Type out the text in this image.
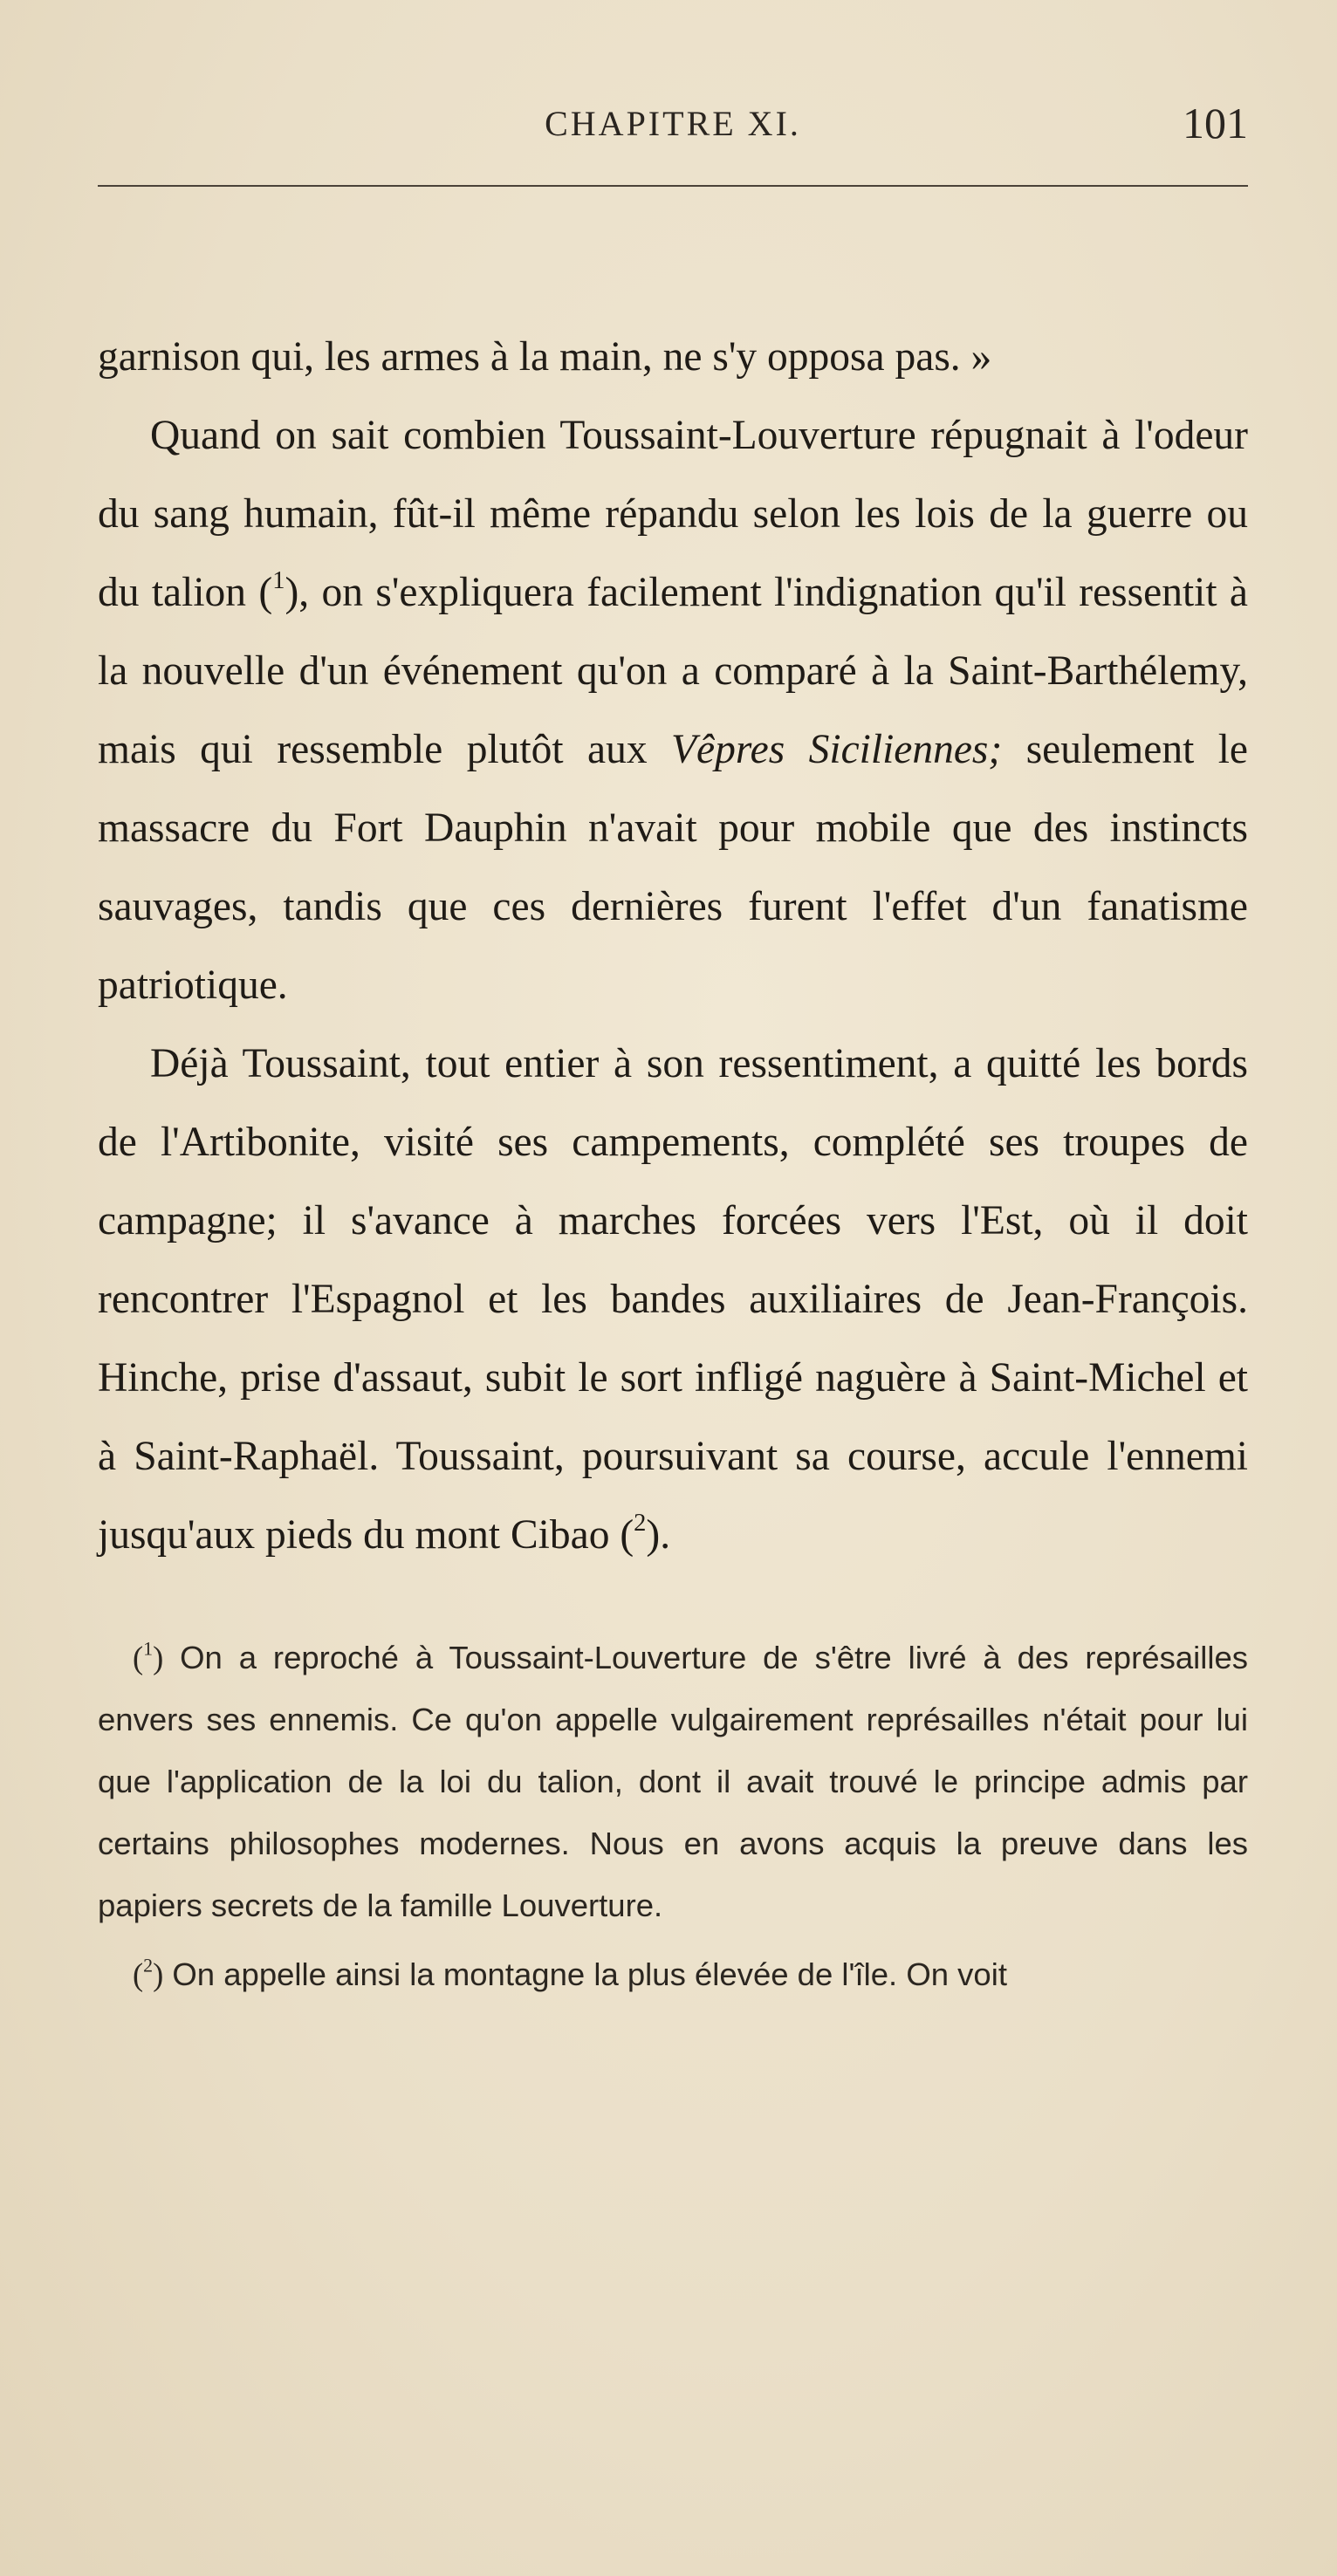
CHAPITRE XI.	101

garnison qui, les armes à la main, ne s'y opposa pas. »

Quand on sait combien Toussaint-Louverture répugnait à l'odeur du sang humain, fût-il même répandu selon les lois de la guerre ou du talion ($^1$), on s'expliquera facilement l'indignation qu'il ressentit à la nouvelle d'un événement qu'on a comparé à la Saint-Barthélemy, mais qui ressemble plutôt aux Vêpres Siciliennes; seulement le massacre du Fort Dauphin n'avait pour mobile que des instincts sauvages, tandis que ces dernières furent l'effet d'un fanatisme patriotique.

Déjà Toussaint, tout entier à son ressentiment, a quitté les bords de l'Artibonite, visité ses campements, complété ses troupes de campagne; il s'avance à marches forcées vers l'Est, où il doit rencontrer l'Espagnol et les bandes auxiliaires de Jean-François. Hinche, prise d'assaut, subit le sort infligé naguère à Saint-Michel et à Saint-Raphaël. Toussaint, poursuivant sa course, accule l'ennemi jusqu'aux pieds du mont Cibao ($^2$).

($^1$) On a reproché à Toussaint-Louverture de s'être livré à des représailles envers ses ennemis. Ce qu'on appelle vulgairement représailles n'était pour lui que l'application de la loi du talion, dont il avait trouvé le principe admis par certains philosophes modernes. Nous en avons acquis la preuve dans les papiers secrets de la famille Louverture.

($^2$) On appelle ainsi la montagne la plus élevée de l'île. On voit
